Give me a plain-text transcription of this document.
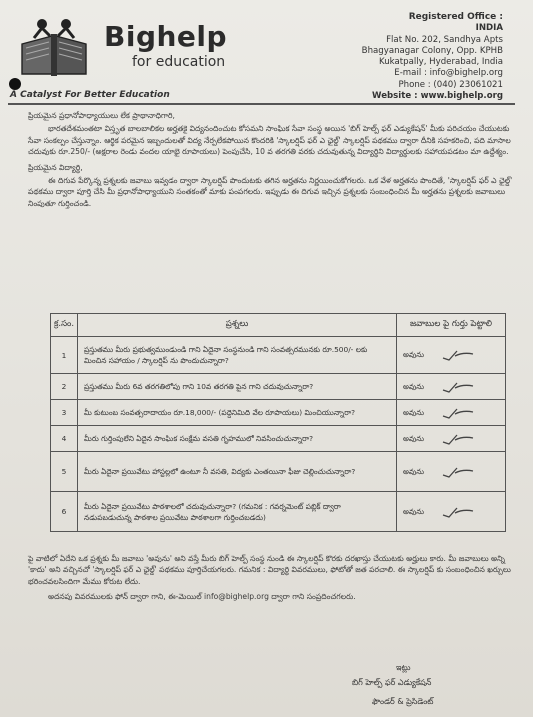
Bighelp
for education
A Catalyst For Better Education
Registered Office :
INDIA
Flat No. 202, Sandhya Apts
Bhagyanagar Colony, Opp. KPHB
Kukatpally, Hyderabad, India
E-mail : info@bighelp.org
Phone : (040) 23061021
Website : www.bighelp.org

ప్రియమైన ప్రధానోపాధ్యాయులు లేక ప్రాథానాధిగారి,

భారతదేశమంతటా విస్తృత బాలబాలికల అర్హతకై విద్యనందించుట కోసమని సాంఘిక సేవా సంస్థ అయిన 'బిగ్ హెల్ప్ ఫర్ ఎడ్యుకేషన్' మీకు పరిచయం చేయుటకు సేవా సంకల్పం చేస్తున్నాం. ఆర్థిక పరమైన ఇబ్బందులతో విద్య నేర్పలేకపోయిన కొందరికి 'స్కాలర్షిప్ ఫర్ ఎ ఛైల్డ్' స్కాలర్షిప్ పథకము ద్వారా దీనికి సహకరించి, పది మాసాల చదువుకు రూ.250/- (అక్షరాల రెండు వందల యాభై రూపాయలు) పెంపుచేసి, 10 వ తరగతి వరకు చదువుతున్న విద్యార్థిని విద్యార్థులకు సహాయపడటం మా ఉద్దేశ్యం.

ప్రియమైన విద్యార్థి,

ఈ దిగువ పేర్కొన్న ప్రశ్నలకు జవాబు ఇవ్వడం ద్వారా స్కాలర్షిప్ పొందుటకు తగిన అర్హతను నిర్ణయించుకోగలరు. ఒక వేళ అర్హతను పొందితే, 'స్కాలర్షిప్ ఫర్ ఎ ఛైల్డ్' పథకము ద్వారా పూర్తి చేసి మీ ప్రధానోపాధ్యాయుని సంతకంతో మాకు పంపగలరు. ఇప్పుడు ఈ దిగువ ఇచ్చిన ప్రశ్నలకు సంబంధించిన మీ అర్హతను ప్రశ్నలకు జవాబులు నింపుతూ గుర్తించండి.

క్ర.సం.	ప్రశ్నలు	జవాబుల పై గుర్తు పెట్టాలి
1	ప్రస్తుతము మీరు ప్రభుత్వముండుండి గాని ఏదైనా సంస్థనుండి గాని సంవత్సరమునకు రూ.500/- లకు మించిన సహాయం / స్కాలర్షిప్ ను పొందుచున్నారా?	అవును
2	ప్రస్తుతము మీరు 6వ తరగతిలోపు గాని 10వ తరగతి పైన గాని చదువుచున్నారా?	అవును
3	మీ కుటుంబ సంవత్సరాదాయం రూ.18,000/- (పద్దెనిమిది వేల రూపాయలు) మించియున్నారా?	అవును
4	మీరు గుర్తింపులేని ఏదైన సాంఘిక సంక్షేమ వసతి గృహములో నివసించుచున్నారా?	అవును
5	మీరు ఏదైనా ప్రయివేటు హాస్టల్లలో ఉంటూ నీ వసతి, విద్యకు ఎంతయినా ఫీజు చెల్లించుచున్నారా?	అవును
6	మీరు ఏదైనా ప్రయివేటు పాఠశాలలో చదువుచున్నారా? (గమనిక : గవర్నమెంట్ పబ్లిక్ ద్వారా నడుపబడుచున్న పాఠశాల ప్రయివేటు పాఠశాలగా గుర్తించబడదు)	అవును

పై వాటిలో ఏదేని ఒక ప్రశ్నకు మీ జవాబు 'అవును' అని వస్తే మీరు బిగ్ హెల్ప్ సంస్థ నుండి ఈ స్కాలర్షిప్ కొరకు దరఖాస్తు చేయుటకు అర్హులు కారు. మీ జవాబులు అన్ని 'కాదు' అని వచ్చినచో 'స్కాలర్షిప్ ఫర్ ఎ ఛైల్డ్' పథకము పూర్తిచేయగలరు. గమనిక : విద్యార్థి వివరములు, ఫోటోతో జత పరచాలి. ఈ స్కాలర్షిప్ కు సంబంధించిన ఖర్చులు భరించవలసిందిగా మేము కోరుట లేదు.

అదనపు వివరములకు ఫోన్ ద్వారా గాని, ఈ-మెయిల్ info@bighelp.org ద్వారా గాని సంప్రదించగలరు.

ఇట్లు
బిగ్ హెల్ప్ ఫర్ ఎడ్యుకేషన్
ఫౌండర్ & ప్రెసిడెంట్
